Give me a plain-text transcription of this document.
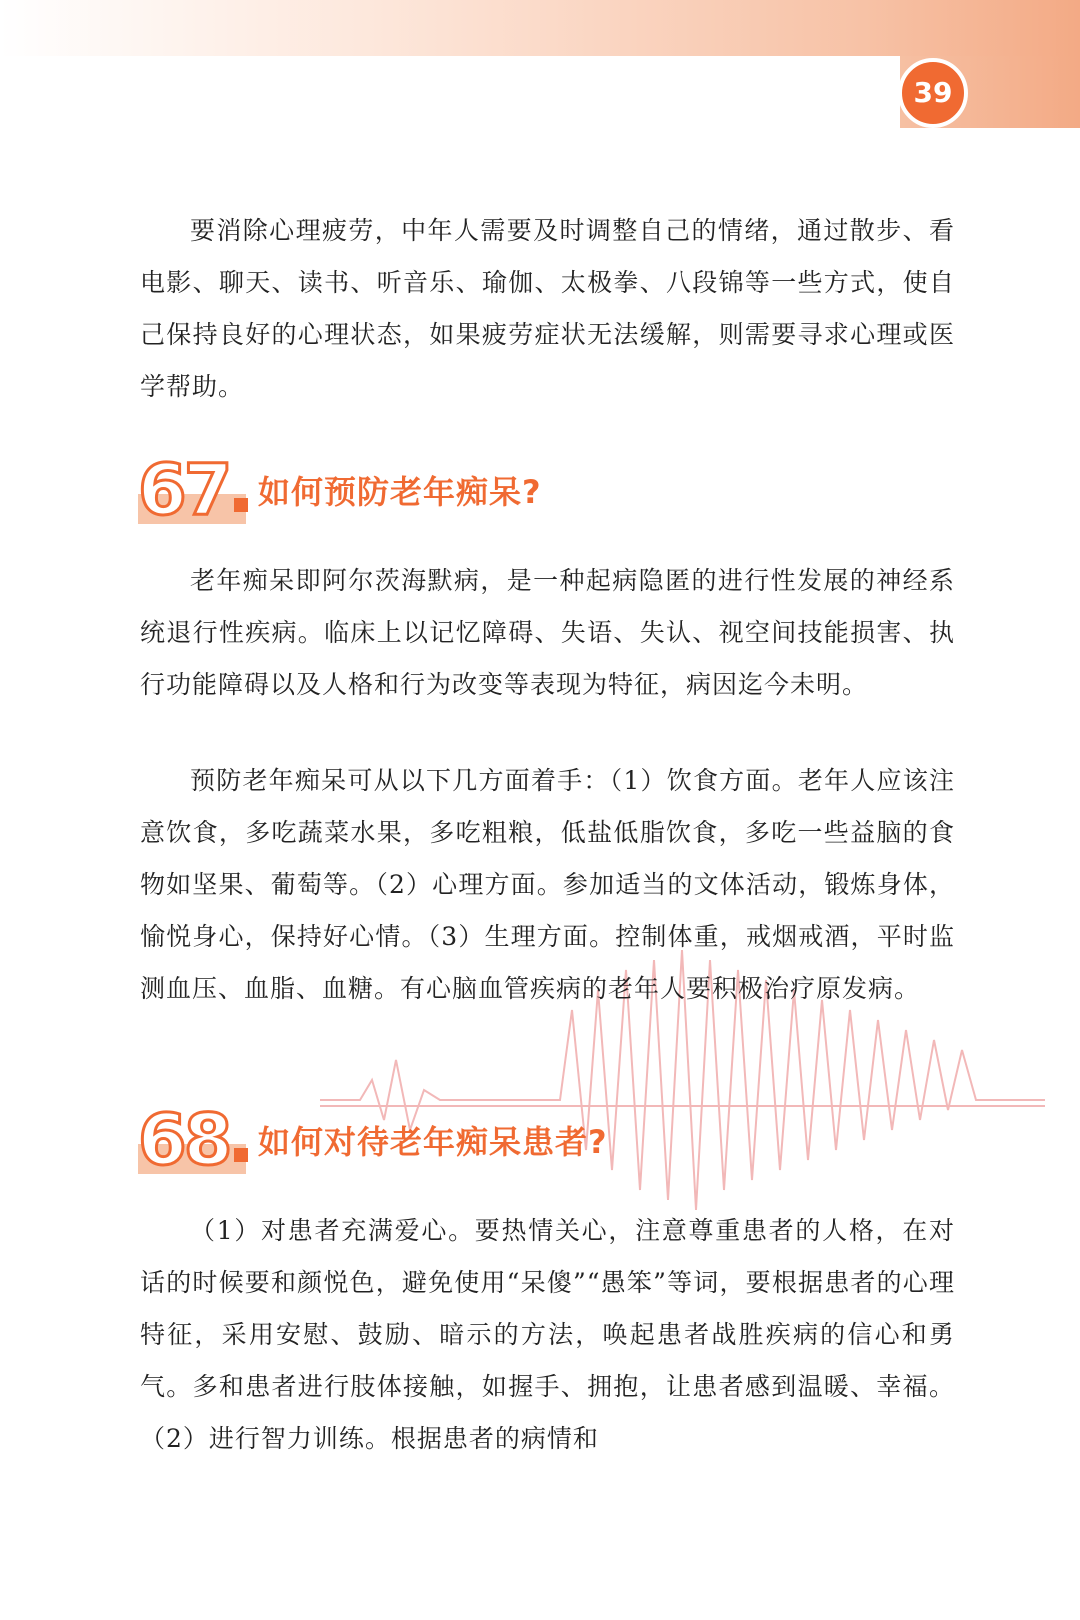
39

要消除心理疲劳，中年人需要及时调整自己的情绪，通过散步、看电影、聊天、读书、听音乐、瑜伽、太极拳、八段锦等一些方式，使自己保持良好的心理状态，如果疲劳症状无法缓解，则需要寻求心理或医学帮助。

67 如何预防老年痴呆?

老年痴呆即阿尔茨海默病，是一种起病隐匿的进行性发展的神经系统退行性疾病。临床上以记忆障碍、失语、失认、视空间技能损害、执行功能障碍以及人格和行为改变等表现为特征，病因迄今未明。

预防老年痴呆可从以下几方面着手：（1）饮食方面。老年人应该注意饮食，多吃蔬菜水果，多吃粗粮，低盐低脂饮食，多吃一些益脑的食物如坚果、葡萄等。（2）心理方面。参加适当的文体活动，锻炼身体，愉悦身心，保持好心情。（3）生理方面。控制体重，戒烟戒酒，平时监测血压、血脂、血糖。有心脑血管疾病的老年人要积极治疗原发病。

68 如何对待老年痴呆患者?

（1）对患者充满爱心。要热情关心，注意尊重患者的人格，在对话的时候要和颜悦色，避免使用“呆傻”“愚笨”等词，要根据患者的心理特征，采用安慰、鼓励、暗示的方法，唤起患者战胜疾病的信心和勇气。多和患者进行肢体接触，如握手、拥抱，让患者感到温暖、幸福。（2）进行智力训练。根据患者的病情和
